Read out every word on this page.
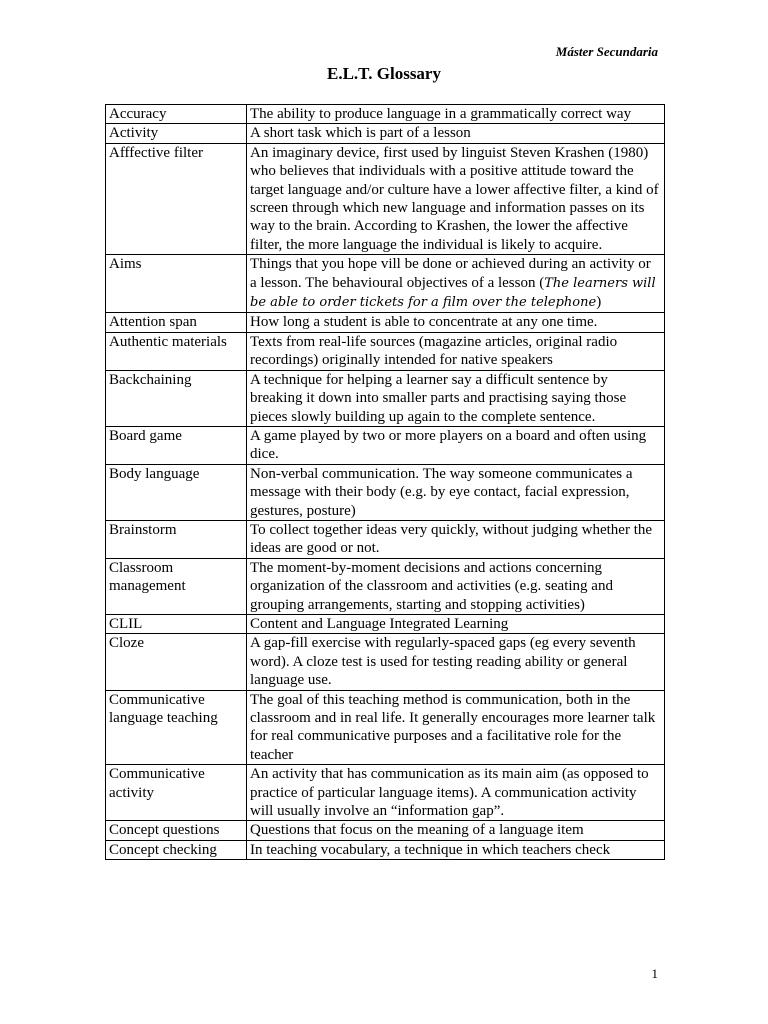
Máster Secundaria
E.L.T. Glossary
Accuracy	The ability to produce language in a grammatically correct way
Activity	A short task which is part of a lesson
Afffective filter	An imaginary device, first used by linguist Steven Krashen (1980) who believes that individuals with a positive attitude toward the target language and/or culture have a lower affective filter, a kind of screen through which new language and information passes on its way to the brain. According to Krashen, the lower the affective filter, the more language the individual is likely to acquire.
Aims	Things that you hope vill be done or achieved during an activity or a lesson. The behavioural objectives of a lesson (The learners will be able to order tickets for a film over the telephone)
Attention span	How long a student is able to concentrate at any one time.
Authentic materials	Texts from real-life sources (magazine articles, original radio recordings) originally intended for native speakers
Backchaining	A technique for helping a learner say a difficult sentence by breaking it down into smaller parts and practising saying those pieces slowly building up again to the complete sentence.
Board game	A game played by two or more players on a board and often using dice.
Body language	Non-verbal communication. The way someone communicates a message with their body (e.g. by eye contact, facial expression, gestures, posture)
Brainstorm	To collect together ideas very quickly, without judging whether the ideas are good or not.
Classroom management	The moment-by-moment decisions and actions concerning organization of the classroom and activities (e.g. seating and grouping arrangements, starting and stopping activities)
CLIL	Content and Language Integrated Learning
Cloze	A gap-fill exercise with regularly-spaced gaps (eg every seventh word). A cloze test is used for testing reading ability or general language use.
Communicative language teaching	The goal of this teaching method is communication, both in the classroom and in real life. It generally encourages more learner talk for real communicative purposes and a facilitative role for the teacher
Communicative activity	An activity that has communication as its main aim (as opposed to practice of particular language items). A communication activity will usually involve an “information gap”.
Concept questions	Questions that focus on the meaning of a language item
Concept checking	In teaching vocabulary, a technique in which teachers check
1
